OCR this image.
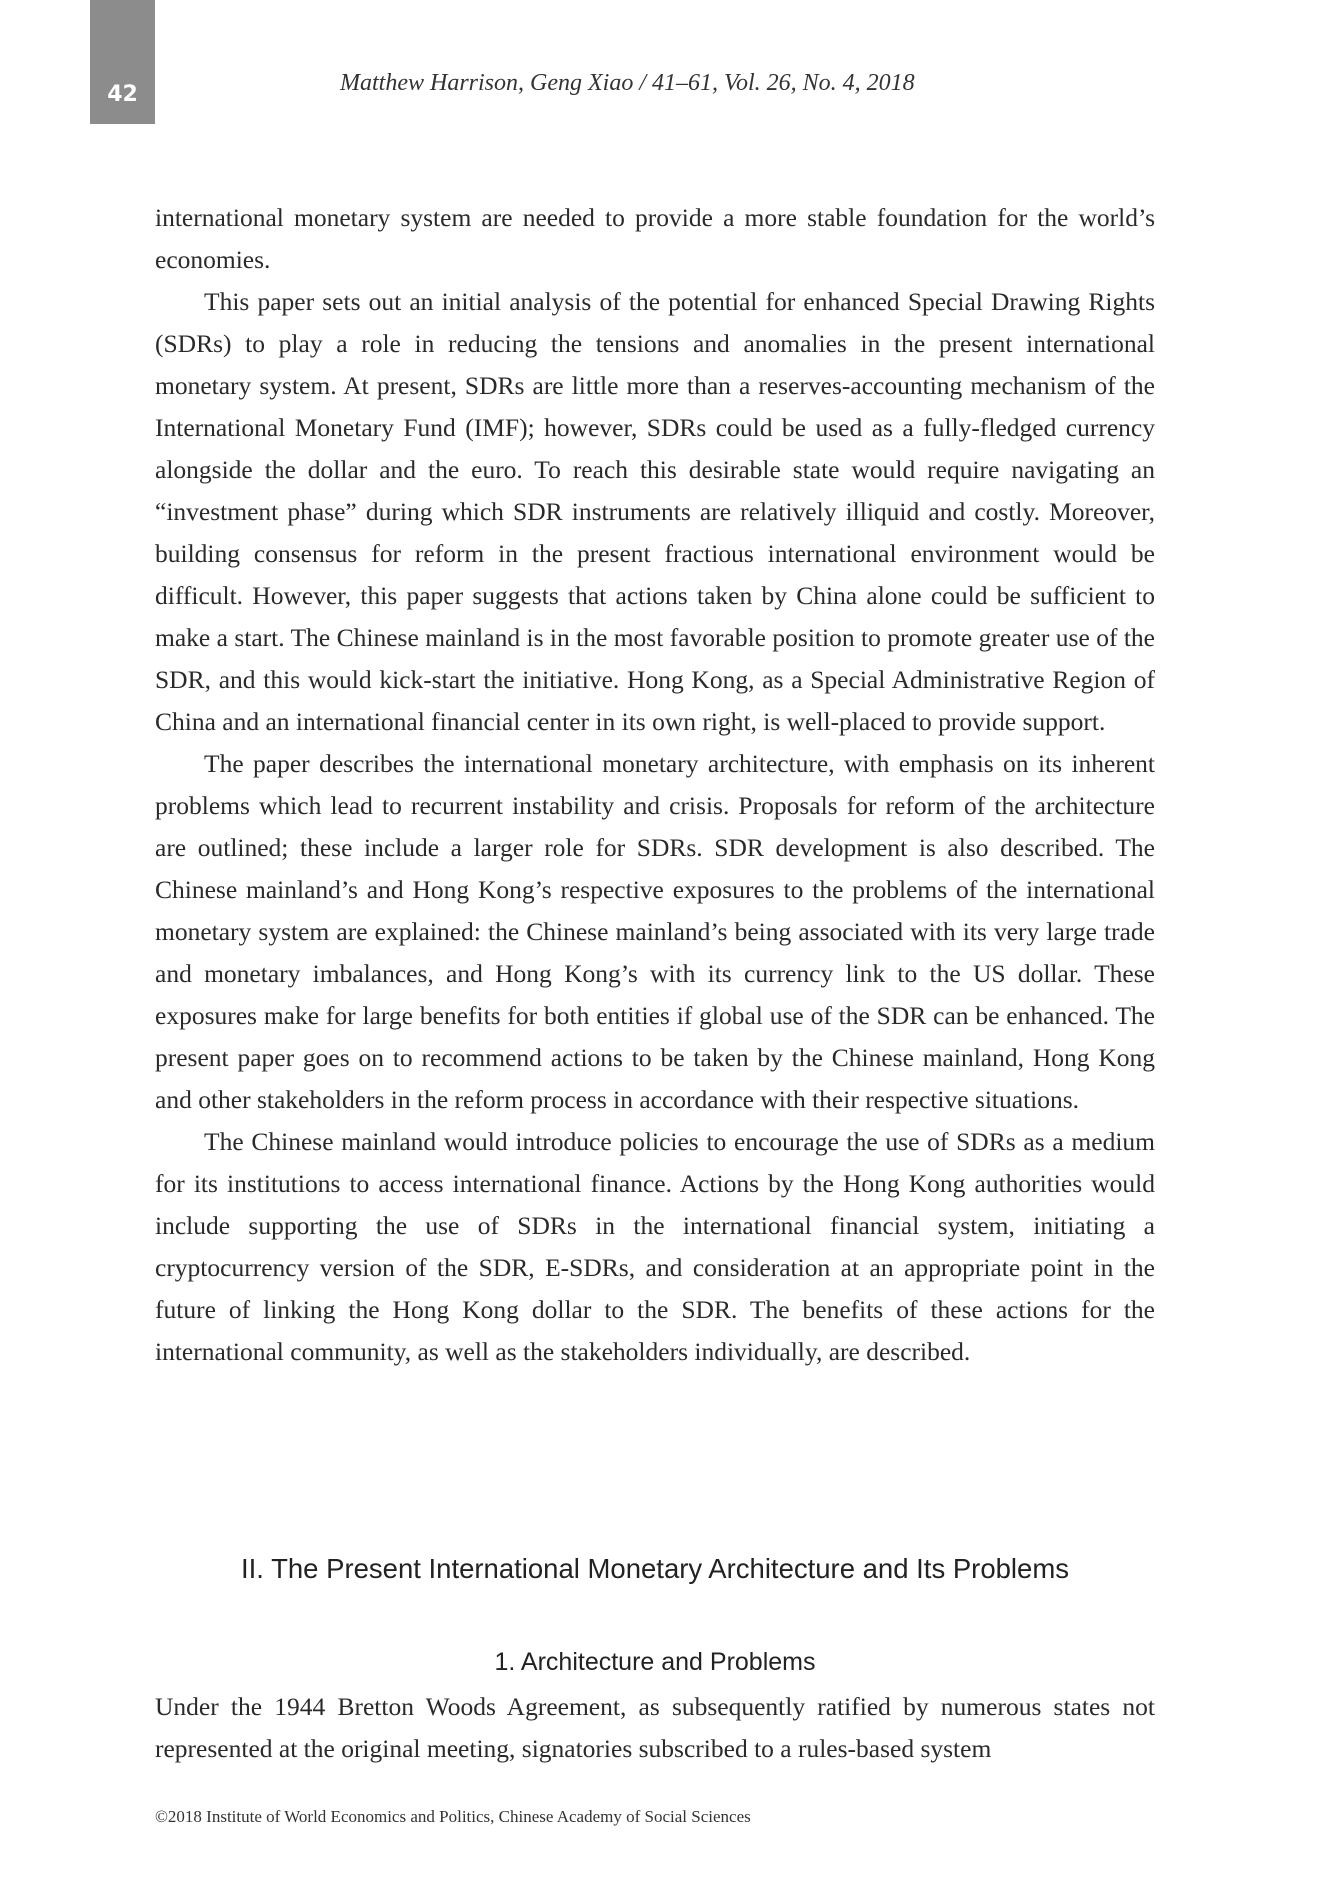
42	Matthew Harrison, Geng Xiao / 41–61, Vol. 26, No. 4, 2018

international monetary system are needed to provide a more stable foundation for the world’s economies.

This paper sets out an initial analysis of the potential for enhanced Special Drawing Rights (SDRs) to play a role in reducing the tensions and anomalies in the present international monetary system. At present, SDRs are little more than a reserves-accounting mechanism of the International Monetary Fund (IMF); however, SDRs could be used as a fully-fledged currency alongside the dollar and the euro. To reach this desirable state would require navigating an “investment phase” during which SDR instruments are relatively illiquid and costly. Moreover, building consensus for reform in the present fractious international environment would be difficult. However, this paper suggests that actions taken by China alone could be sufficient to make a start. The Chinese mainland is in the most favorable position to promote greater use of the SDR, and this would kick-start the initiative. Hong Kong, as a Special Administrative Region of China and an international financial center in its own right, is well-placed to provide support.

The paper describes the international monetary architecture, with emphasis on its inherent problems which lead to recurrent instability and crisis. Proposals for reform of the architecture are outlined; these include a larger role for SDRs. SDR development is also described. The Chinese mainland’s and Hong Kong’s respective exposures to the problems of the international monetary system are explained: the Chinese mainland’s being associated with its very large trade and monetary imbalances, and Hong Kong’s with its currency link to the US dollar. These exposures make for large benefits for both entities if global use of the SDR can be enhanced. The present paper goes on to recommend actions to be taken by the Chinese mainland, Hong Kong and other stakeholders in the reform process in accordance with their respective situations.

The Chinese mainland would introduce policies to encourage the use of SDRs as a medium for its institutions to access international finance. Actions by the Hong Kong authorities would include supporting the use of SDRs in the international financial system, initiating a cryptocurrency version of the SDR, E-SDRs, and consideration at an appropriate point in the future of linking the Hong Kong dollar to the SDR. The benefits of these actions for the international community, as well as the stakeholders individually, are described.

II. The Present International Monetary Architecture and Its Problems
1. Architecture and Problems

Under the 1944 Bretton Woods Agreement, as subsequently ratified by numerous states not represented at the original meeting, signatories subscribed to a rules-based system

©2018 Institute of World Economics and Politics, Chinese Academy of Social Sciences
